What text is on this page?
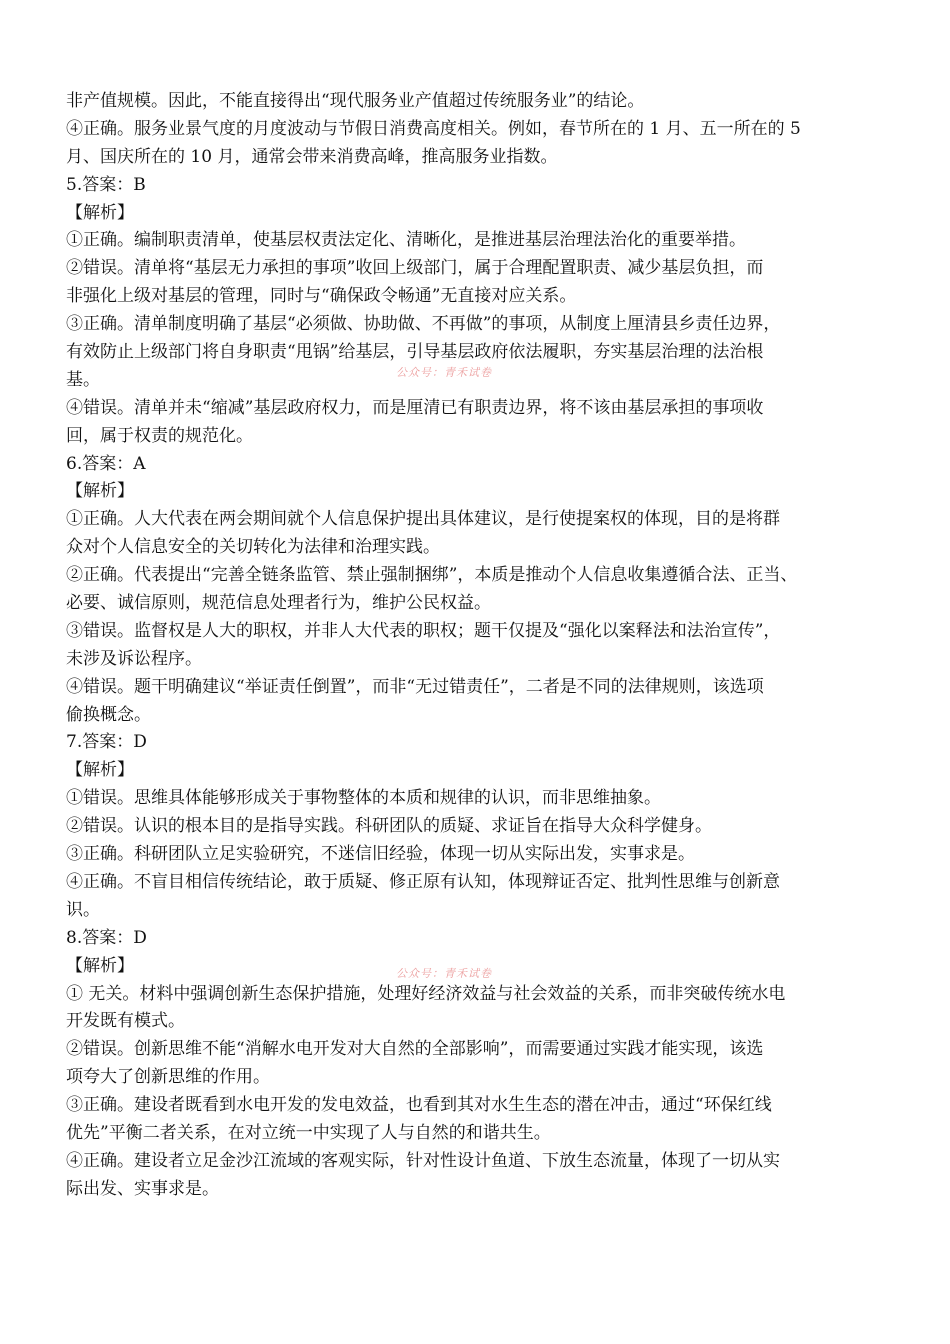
非产值规模。因此，不能直接得出“现代服务业产值超过传统服务业”的结论。
④正确。服务业景气度的月度波动与节假日消费高度相关。例如，春节所在的 1 月、五一所在的 5
月、国庆所在的 10 月，通常会带来消费高峰，推高服务业指数。
5.答案：B
【解析】
①正确。编制职责清单，使基层权责法定化、清晰化，是推进基层治理法治化的重要举措。
②错误。清单将“基层无力承担的事项”收回上级部门，属于合理配置职责、减少基层负担，而
非强化上级对基层的管理，同时与“确保政令畅通”无直接对应关系。
③正确。清单制度明确了基层“必须做、协助做、不再做”的事项，从制度上厘清县乡责任边界，
有效防止上级部门将自身职责“甩锅”给基层，引导基层政府依法履职，夯实基层治理的法治根
基。
④错误。清单并未“缩减”基层政府权力，而是厘清已有职责边界，将不该由基层承担的事项收
回，属于权责的规范化。
6.答案：A
【解析】
①正确。人大代表在两会期间就个人信息保护提出具体建议，是行使提案权的体现，目的是将群
众对个人信息安全的关切转化为法律和治理实践。
②正确。代表提出“完善全链条监管、禁止强制捆绑”，本质是推动个人信息收集遵循合法、正当、
必要、诚信原则，规范信息处理者行为，维护公民权益。
③错误。监督权是人大的职权，并非人大代表的职权；题干仅提及“强化以案释法和法治宣传”，
未涉及诉讼程序。
④错误。题干明确建议“举证责任倒置”，而非“无过错责任”，二者是不同的法律规则，该选项
偷换概念。
7.答案：D
【解析】
①错误。思维具体能够形成关于事物整体的本质和规律的认识，而非思维抽象。
②错误。认识的根本目的是指导实践。科研团队的质疑、求证旨在指导大众科学健身。
③正确。科研团队立足实验研究，不迷信旧经验，体现一切从实际出发，实事求是。
④正确。不盲目相信传统结论，敢于质疑、修正原有认知，体现辩证否定、批判性思维与创新意
识。
8.答案：D
【解析】
① 无关。材料中强调创新生态保护措施，处理好经济效益与社会效益的关系，而非突破传统水电
开发既有模式。
②错误。创新思维不能“消解水电开发对大自然的全部影响”，而需要通过实践才能实现，该选
项夸大了创新思维的作用。
③正确。建设者既看到水电开发的发电效益，也看到其对水生生态的潜在冲击，通过“环保红线
优先”平衡二者关系，在对立统一中实现了人与自然的和谐共生。
④正确。建设者立足金沙江流域的客观实际，针对性设计鱼道、下放生态流量，体现了一切从实
际出发、实事求是。
公众号：青禾试卷
公众号：青禾试卷
